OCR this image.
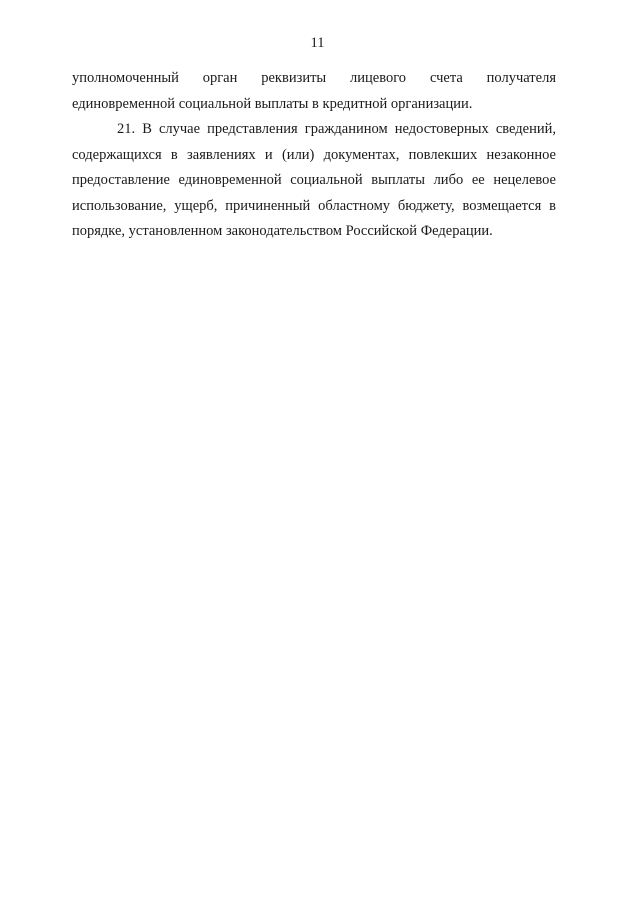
11
уполномоченный орган реквизиты лицевого счета получателя
единовременной социальной выплаты в кредитной организации.
21. В случае представления гражданином недостоверных сведений,
содержащихся в заявлениях и (или) документах, повлекших незаконное
предоставление единовременной социальной выплаты либо ее нецелевое
использование, ущерб, причиненный областному бюджету, возмещается в
порядке, установленном законодательством Российской Федерации.
